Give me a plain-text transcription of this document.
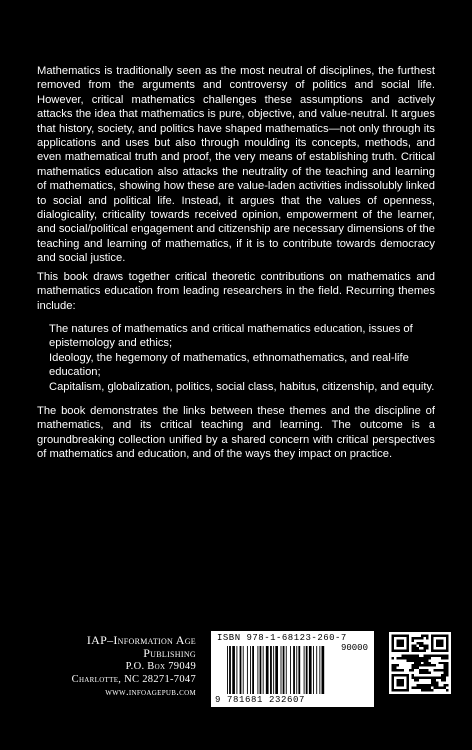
Mathematics is traditionally seen as the most neutral of disciplines, the furthest removed from the arguments and controversy of politics and social life. However, critical mathematics challenges these assumptions and actively attacks the idea that mathematics is pure, objective, and value-neutral. It argues that history, society, and politics have shaped mathematics—not only through its applications and uses but also through moulding its concepts, methods, and even mathematical truth and proof, the very means of establishing truth. Critical mathematics education also attacks the neutrality of the teaching and learning of mathematics, showing how these are value-laden activities indissolubly linked to social and political life. Instead, it argues that the values of openness, dialogicality, criticality towards received opinion, empowerment of the learner, and social/political engagement and citizenship are necessary dimensions of the teaching and learning of mathematics, if it is to contribute towards democracy and social justice.

This book draws together critical theoretic contributions on mathematics and mathematics education from leading researchers in the field. Recurring themes include:

The natures of mathematics and critical mathematics education, issues of epistemology and ethics;
Ideology, the hegemony of mathematics, ethnomathematics, and real-life education;
Capitalism, globalization, politics, social class, habitus, citizenship, and equity.

The book demonstrates the links between these themes and the discipline of mathematics, and its critical teaching and learning. The outcome is a groundbreaking collection unified by a shared concern with critical perspectives of mathematics and education, and of the ways they impact on practice.

IAP–Information Age Publishing
P.O. Box 79049
Charlotte, NC 28271-7047
www.infoagepub.com
ISBN 978-1-68123-260-7
90000
9 781681 232607
